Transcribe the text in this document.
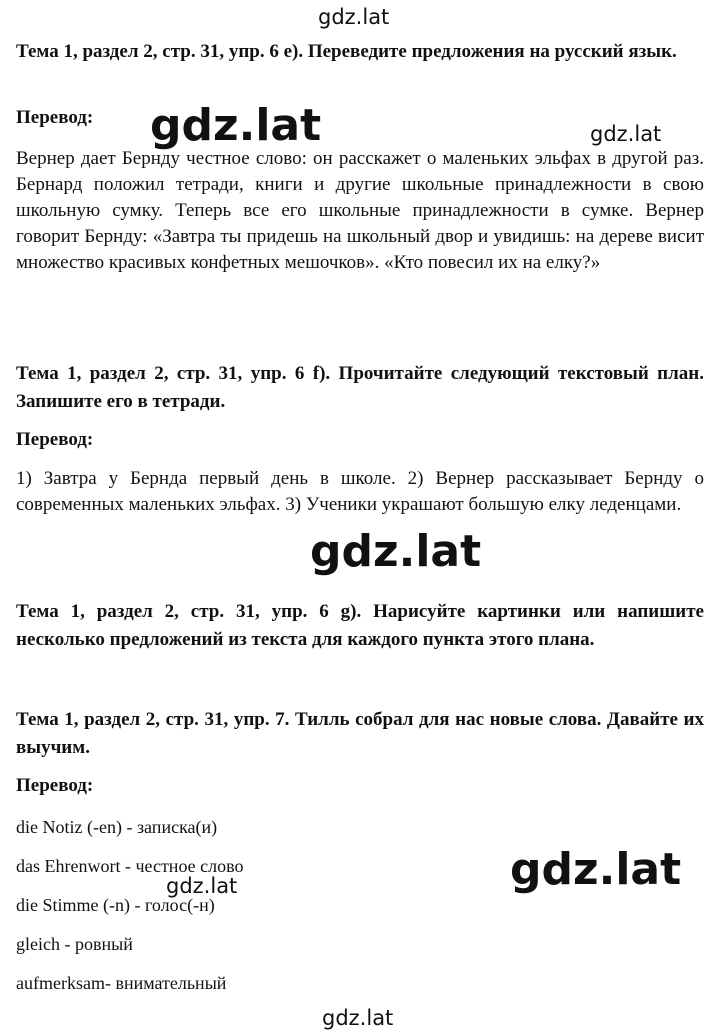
gdz.lat
gdz.lat	gdz.lat
gdz.lat
gdz.lat
gdz.lat
gdz.lat

Тема 1, раздел 2, стр. 31, упр. 6 e). Переведите предложения на русский язык.

Перевод:

Вернер дает Бернду честное слово: он расскажет о маленьких эльфах в другой раз. Бернард положил тетради, книги и другие школьные принадлежности в свою школьную сумку. Теперь все его школьные принадлежности в сумке. Вернер говорит Бернду: «Завтра ты придешь на школьный двор и увидишь: на дереве висит множество красивых конфетных мешочков». «Кто повесил их на елку?»

Тема 1, раздел 2, стр. 31, упр. 6 f). Прочитайте следующий текстовый план. Запишите его в тетради.

Перевод:

1) Завтра у Бернда первый день в школе. 2) Вернер рассказывает Бернду о современных маленьких эльфах. 3) Ученики украшают большую елку леденцами.

Тема 1, раздел 2, стр. 31, упр. 6 g). Нарисуйте картинки или напишите несколько предложений из текста для каждого пункта этого плана.

Тема 1, раздел 2, стр. 31, упр. 7. Тилль собрал для нас новые слова. Давайте их выучим.

Перевод:

die Notiz (-en) - записка(и)
das Ehrenwort - честное слово
die Stimme (-n) - голос(-н)
gleich - ровный
aufmerksam- внимательный
